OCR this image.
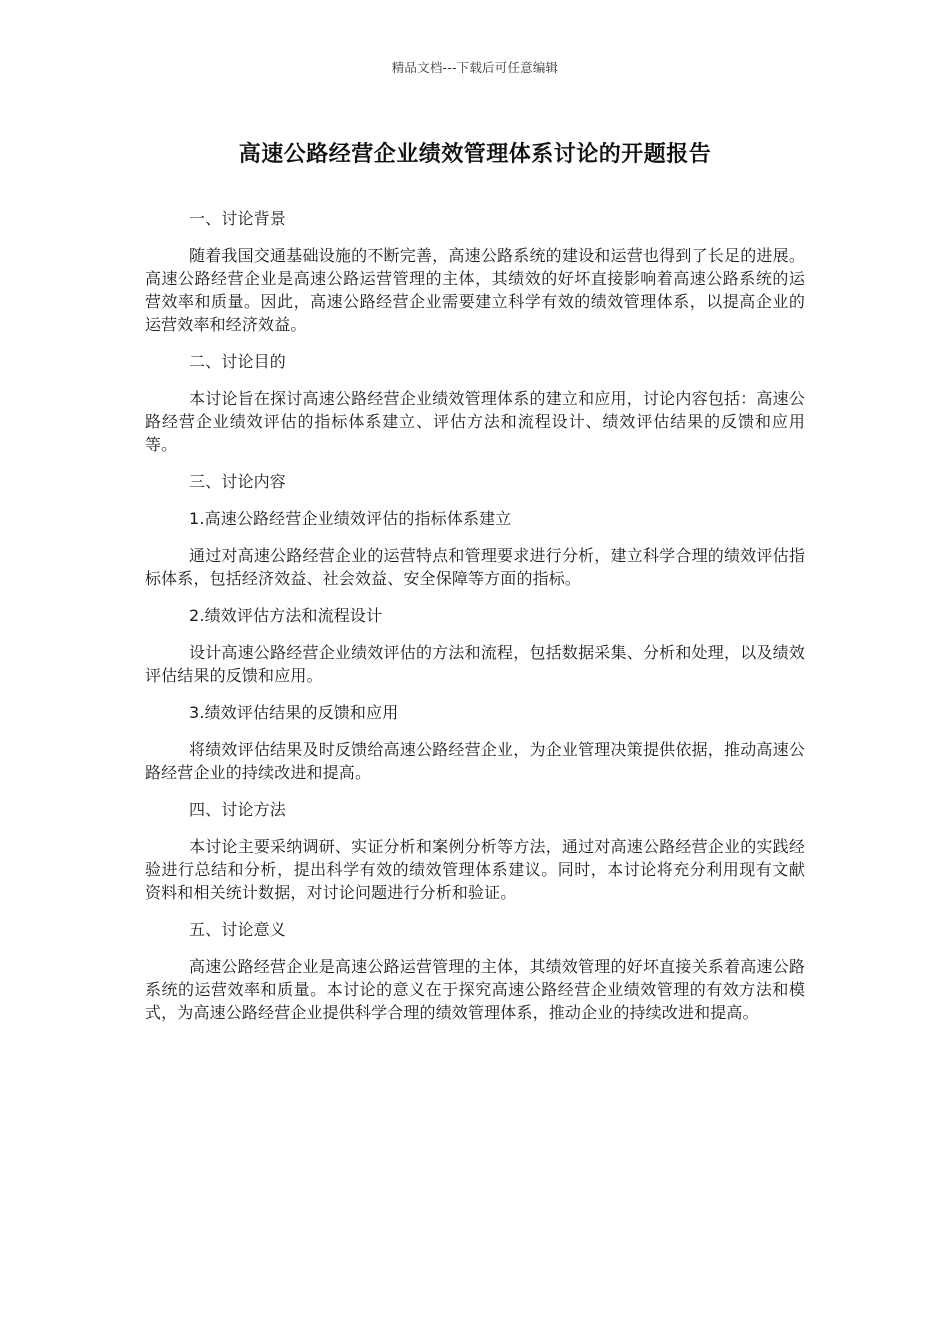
精品文档---下载后可任意编辑
高速公路经营企业绩效管理体系讨论的开题报告

一、讨论背景

随着我国交通基础设施的不断完善，高速公路系统的建设和运营也得到了长足的进展。高速公路经营企业是高速公路运营管理的主体，其绩效的好坏直接影响着高速公路系统的运营效率和质量。因此，高速公路经营企业需要建立科学有效的绩效管理体系，以提高企业的运营效率和经济效益。

二、讨论目的

本讨论旨在探讨高速公路经营企业绩效管理体系的建立和应用，讨论内容包括：高速公路经营企业绩效评估的指标体系建立、评估方法和流程设计、绩效评估结果的反馈和应用等。

三、讨论内容

1.高速公路经营企业绩效评估的指标体系建立

通过对高速公路经营企业的运营特点和管理要求进行分析，建立科学合理的绩效评估指标体系，包括经济效益、社会效益、安全保障等方面的指标。

2.绩效评估方法和流程设计

设计高速公路经营企业绩效评估的方法和流程，包括数据采集、分析和处理，以及绩效评估结果的反馈和应用。

3.绩效评估结果的反馈和应用

将绩效评估结果及时反馈给高速公路经营企业，为企业管理决策提供依据，推动高速公路经营企业的持续改进和提高。

四、讨论方法

本讨论主要采纳调研、实证分析和案例分析等方法，通过对高速公路经营企业的实践经验进行总结和分析，提出科学有效的绩效管理体系建议。同时，本讨论将充分利用现有文献资料和相关统计数据，对讨论问题进行分析和验证。

五、讨论意义

高速公路经营企业是高速公路运营管理的主体，其绩效管理的好坏直接关系着高速公路系统的运营效率和质量。本讨论的意义在于探究高速公路经营企业绩效管理的有效方法和模式，为高速公路经营企业提供科学合理的绩效管理体系，推动企业的持续改进和提高。
